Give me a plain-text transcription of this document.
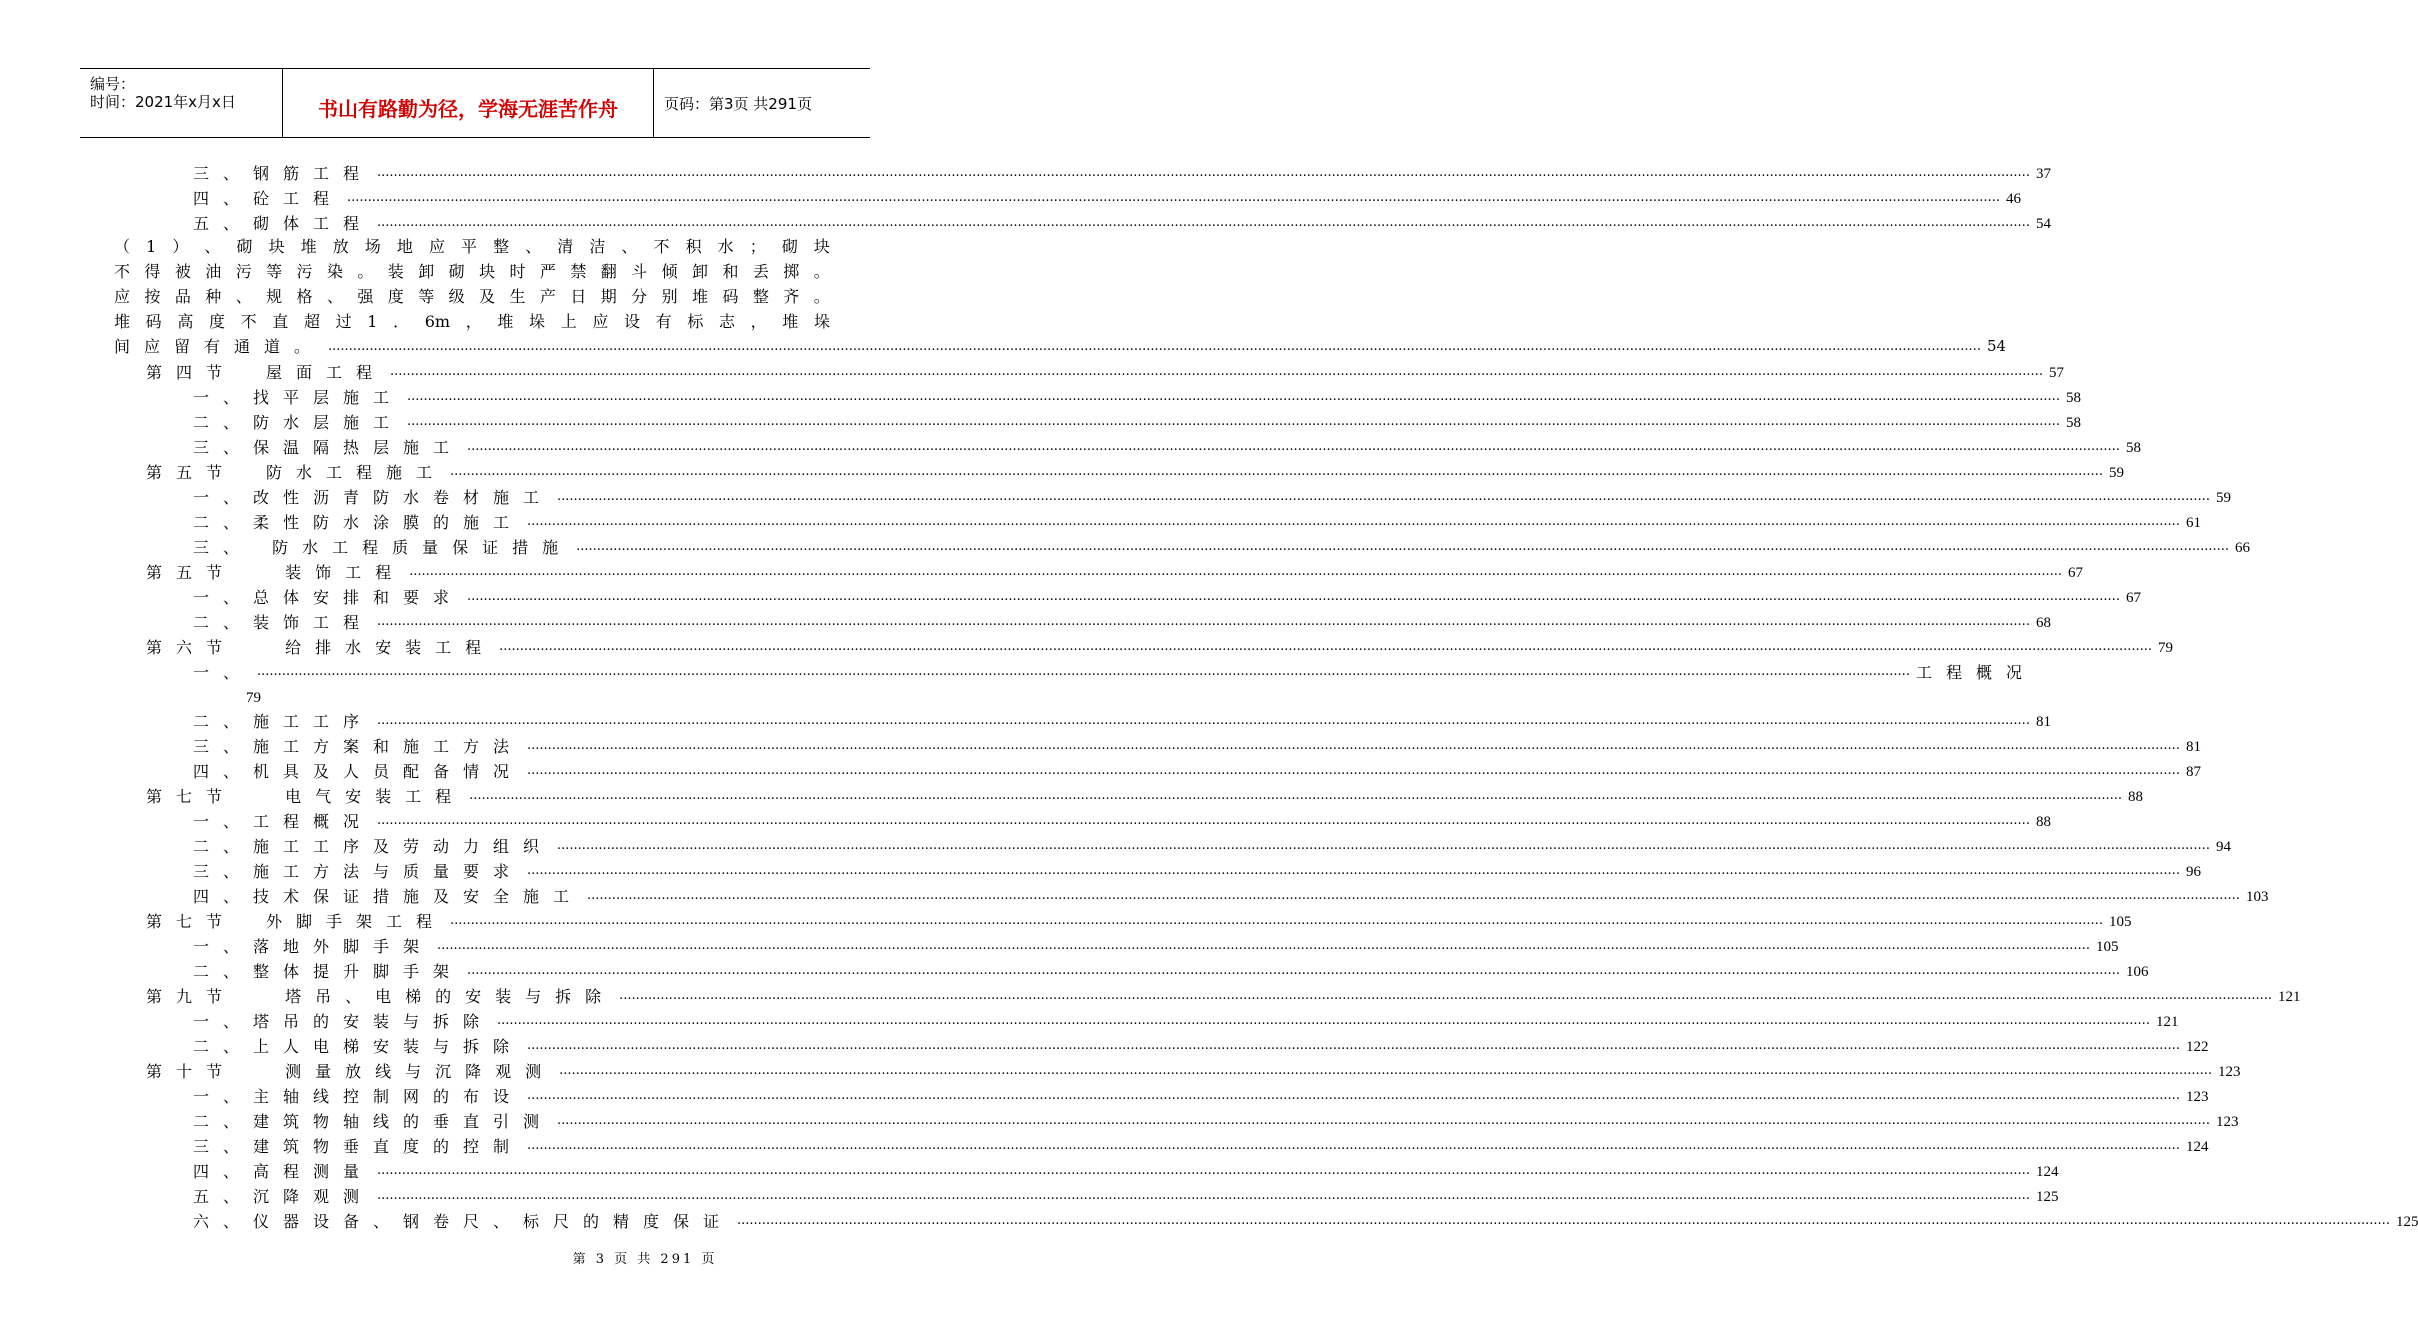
编号：
时间：2021年x月x日	书山有路勤为径，学海无涯苦作舟	页码：第3页 共291页
三、钢筋工程 ................................................................................................................................................................................................................................................................................................................................................................................................................ 37
四、砼工程 ................................................................................................................................................................................................................................................................................................................................................................................................................ 46
五、砌体工程 ................................................................................................................................................................................................................................................................................................................................................................................................................ 54
第四节　屋面工程 ................................................................................................................................................................................................................................................................................................................................................................................................................ 57
一、找平层施工 ................................................................................................................................................................................................................................................................................................................................................................................................................ 58
二、防水层施工 ................................................................................................................................................................................................................................................................................................................................................................................................................ 58
三、保温隔热层施工 ................................................................................................................................................................................................................................................................................................................................................................................................................ 58
第五节　防水工程施工 ................................................................................................................................................................................................................................................................................................................................................................................................................ 59
一、改性沥青防水卷材施工 ................................................................................................................................................................................................................................................................................................................................................................................................................ 59
二、柔性防水涂膜的施工 ................................................................................................................................................................................................................................................................................................................................................................................................................ 61
三、 防水工程质量保证措施 ................................................................................................................................................................................................................................................................................................................................................................................................................ 66
第五节　 装饰工程 ................................................................................................................................................................................................................................................................................................................................................................................................................ 67
一、总体安排和要求 ................................................................................................................................................................................................................................................................................................................................................................................................................ 67
二、装饰工程 ................................................................................................................................................................................................................................................................................................................................................................................................................ 68
第六节　 给排水安装工程 ................................................................................................................................................................................................................................................................................................................................................................................................................ 79
一、 ................................................................................................................................................................................................................................................................................................................................................................................................................ 工程概况
79
二、施工工序 ................................................................................................................................................................................................................................................................................................................................................................................................................ 81
三、施工方案和施工方法 ................................................................................................................................................................................................................................................................................................................................................................................................................ 81
四、机具及人员配备情况 ................................................................................................................................................................................................................................................................................................................................................................................................................ 87
第七节　 电气安装工程 ................................................................................................................................................................................................................................................................................................................................................................................................................ 88
一、工程概况 ................................................................................................................................................................................................................................................................................................................................................................................................................ 88
二、施工工序及劳动力组织 ................................................................................................................................................................................................................................................................................................................................................................................................................ 94
三、施工方法与质量要求 ................................................................................................................................................................................................................................................................................................................................................................................................................ 96
四、技术保证措施及安全施工 ................................................................................................................................................................................................................................................................................................................................................................................................................ 103
第七节　外脚手架工程 ................................................................................................................................................................................................................................................................................................................................................................................................................ 105
一、落地外脚手架 ................................................................................................................................................................................................................................................................................................................................................................................................................ 105
二、整体提升脚手架 ................................................................................................................................................................................................................................................................................................................................................................................................................ 106
第九节　 塔吊、电梯的安装与拆除 ................................................................................................................................................................................................................................................................................................................................................................................................................ 121
一、塔吊的安装与拆除 ................................................................................................................................................................................................................................................................................................................................................................................................................ 121
二、上人电梯安装与拆除 ................................................................................................................................................................................................................................................................................................................................................................................................................ 122
第十节　 测量放线与沉降观测 ................................................................................................................................................................................................................................................................................................................................................................................................................ 123
一、主轴线控制网的布设 ................................................................................................................................................................................................................................................................................................................................................................................................................ 123
二、建筑物轴线的垂直引测 ................................................................................................................................................................................................................................................................................................................................................................................................................ 123
三、建筑物垂直度的控制 ................................................................................................................................................................................................................................................................................................................................................................................................................ 124
四、高程测量 ................................................................................................................................................................................................................................................................................................................................................................................................................ 124
五、沉降观测 ................................................................................................................................................................................................................................................................................................................................................................................................................ 125
六、仪器设备、钢卷尺、标尺的精度保证 ................................................................................................................................................................................................................................................................................................................................................................................................................ 125
（ 1 ） 、 砌 块 堆 放 场 地 应 平 整 、 清 洁 、 不 积 水 ； 砌 块
不 得 被 油 污 等 污 染 。 装 卸 砌 块 时 严 禁 翻 斗 倾 卸 和 丢 掷 。
应 按 品 种 、 规 格 、 强 度 等 级 及 生 产 日 期 分 别 堆 码 整 齐 。
堆 码 高 度 不 直 超 过 1 ． 6m ， 堆 垛 上 应 设 有 标 志 ， 堆 垛
间应留有通道。 ................................................................................................................................................................................................................................................................................................................................................................................................................ 54
第 3 页 共 291 页
